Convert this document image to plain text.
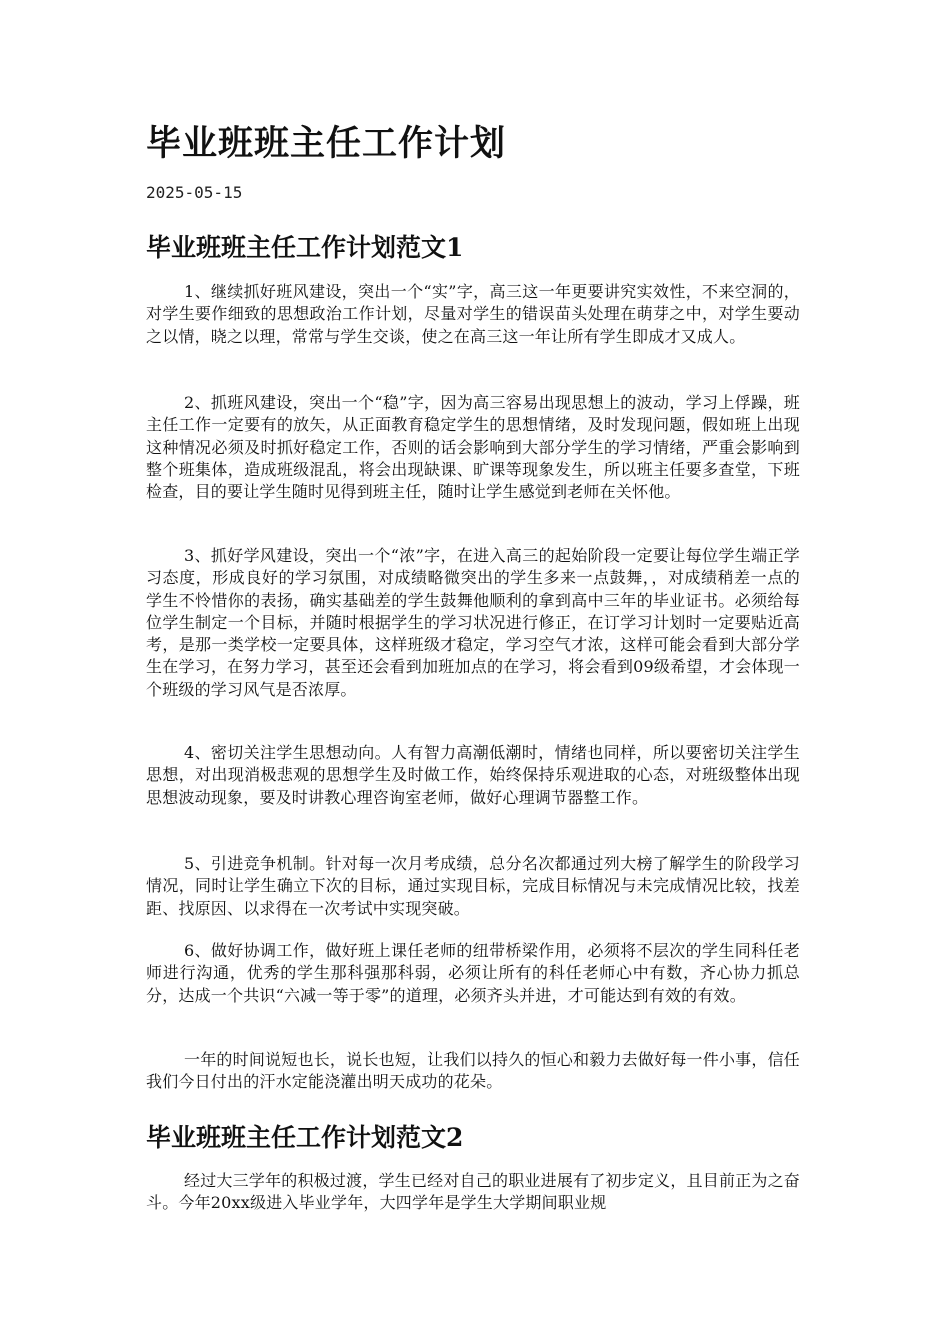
毕业班班主任工作计划
2025-05-15
毕业班班主任工作计划范文1

1、继续抓好班风建设，突出一个“实”字，高三这一年更要讲究实效性，不来空洞的，对学生要作细致的思想政治工作计划，尽量对学生的错误苗头处理在萌芽之中，对学生要动之以情，晓之以理，常常与学生交谈，使之在高三这一年让所有学生即成才又成人。

2、抓班风建设，突出一个“稳”字，因为高三容易出现思想上的波动，学习上俘躁，班主任工作一定要有的放矢，从正面教育稳定学生的思想情绪，及时发现问题，假如班上出现这种情况必须及时抓好稳定工作，否则的话会影响到大部分学生的学习情绪，严重会影响到整个班集体，造成班级混乱，将会出现缺课、旷课等现象发生，所以班主任要多查堂，下班检查，目的要让学生随时见得到班主任，随时让学生感觉到老师在关怀他。

3、抓好学风建设，突出一个“浓”字，在进入高三的起始阶段一定要让每位学生端正学习态度，形成良好的学习氛围，对成绩略微突出的学生多来一点鼓舞，，对成绩稍差一点的学生不怜惜你的表扬，确实基础差的学生鼓舞他顺利的拿到高中三年的毕业证书。必须给每位学生制定一个目标，并随时根据学生的学习状况进行修正，在订学习计划时一定要贴近高考，是那一类学校一定要具体，这样班级才稳定，学习空气才浓，这样可能会看到大部分学生在学习，在努力学习，甚至还会看到加班加点的在学习，将会看到09级希望，才会体现一个班级的学习风气是否浓厚。

4、密切关注学生思想动向。人有智力高潮低潮时，情绪也同样，所以要密切关注学生思想，对出现消极悲观的思想学生及时做工作，始终保持乐观进取的心态，对班级整体出现思想波动现象，要及时讲教心理咨询室老师，做好心理调节器整工作。

5、引进竞争机制。针对每一次月考成绩，总分名次都通过列大榜了解学生的阶段学习情况，同时让学生确立下次的目标，通过实现目标，完成目标情况与未完成情况比较，找差距、找原因、以求得在一次考试中实现突破。

6、做好协调工作，做好班上课任老师的纽带桥梁作用，必须将不层次的学生同科任老师进行沟通，优秀的学生那科强那科弱，必须让所有的科任老师心中有数，齐心协力抓总分，达成一个共识“六减一等于零”的道理，必须齐头并进，才可能达到有效的有效。

一年的时间说短也长，说长也短，让我们以持久的恒心和毅力去做好每一件小事，信任我们今日付出的汗水定能浇灌出明天成功的花朵。

毕业班班主任工作计划范文2

经过大三学年的积极过渡，学生已经对自己的职业进展有了初步定义，且目前正为之奋斗。今年20xx级进入毕业学年，大四学年是学生大学期间职业规
